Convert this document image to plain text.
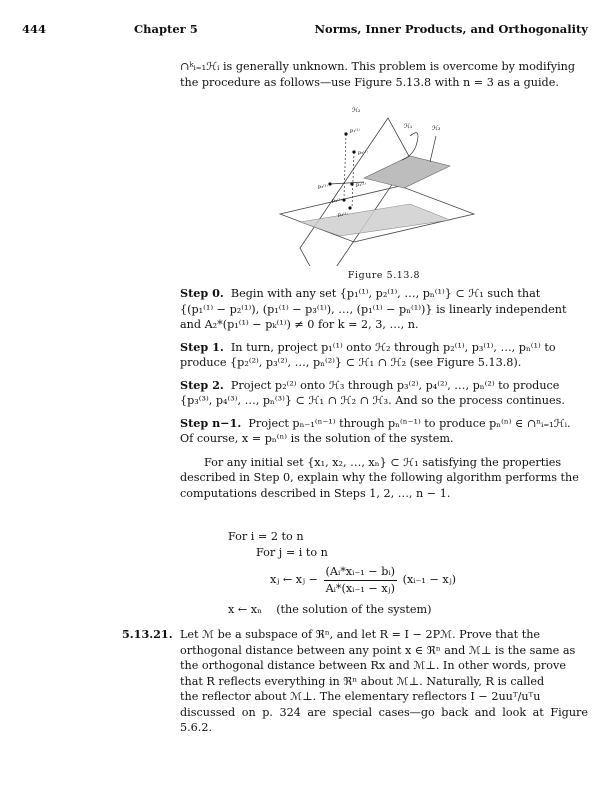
444	Chapter 5	Norms, Inner Products, and Orthogonality
∩ᵏᵢ₌₁ℋᵢ is generally unknown. This problem is overcome by modifying
the procedure as follows—use Figure 5.13.8 with n = 3 as a guide.
ℋ₂
ℋ₁	ℋ₃
p₁⁽¹⁾
p₂⁽¹⁾
p₃⁽¹⁾	p₁⁽²⁾
p₂⁽²⁾
p₃⁽³⁾
Figure 5.13.8
Step 0. Begin with any set {p₁⁽¹⁾, p₂⁽¹⁾, …, pₙ⁽¹⁾} ⊂ ℋ₁ such that
{(p₁⁽¹⁾ − p₂⁽¹⁾), (p₁⁽¹⁾ − p₃⁽¹⁾), …, (p₁⁽¹⁾ − pₙ⁽¹⁾)} is linearly independent
and A₂*(p₁⁽¹⁾ − pₖ⁽¹⁾) ≠ 0 for k = 2, 3, …, n.
Step 1. In turn, project p₁⁽¹⁾ onto ℋ₂ through p₂⁽¹⁾, p₃⁽¹⁾, …, pₙ⁽¹⁾ to
produce {p₂⁽²⁾, p₃⁽²⁾, …, pₙ⁽²⁾} ⊂ ℋ₁ ∩ ℋ₂ (see Figure 5.13.8).
Step 2. Project p₂⁽²⁾ onto ℋ₃ through p₃⁽²⁾, p₄⁽²⁾, …, pₙ⁽²⁾ to produce
{p₃⁽³⁾, p₄⁽³⁾, …, pₙ⁽³⁾} ⊂ ℋ₁ ∩ ℋ₂ ∩ ℋ₃. And so the process continues.
Step n−1. Project pₙ₋₁⁽ⁿ⁻¹⁾ through pₙ⁽ⁿ⁻¹⁾ to produce pₙ⁽ⁿ⁾ ∈ ∩ⁿᵢ₌₁ℋᵢ.
Of course, x = pₙ⁽ⁿ⁾ is the solution of the system.
For any initial set {x₁, x₂, …, xₙ} ⊂ ℋ₁ satisfying the properties
described in Step 0, explain why the following algorithm performs the
computations described in Steps 1, 2, …, n − 1.
For i = 2 to n
For j = i to n
xⱼ ← xⱼ − $\frac{\text{(Aᵢ*xᵢ₋₁ − bᵢ)}}{\text{Aᵢ*(xᵢ₋₁ − xⱼ)}}$ (xᵢ₋₁ − xⱼ)
x ← xₙ (the solution of the system)
5.13.21. Let ℳ be a subspace of ℜⁿ, and let R = I − 2Pℳ. Prove that the
orthogonal distance between any point x ∈ ℜⁿ and ℳ⊥ is the same as
the orthogonal distance between Rx and ℳ⊥. In other words, prove
that R reflects everything in ℜⁿ about ℳ⊥. Naturally, R is called
the reflector about ℳ⊥. The elementary reflectors I − 2uuᵀ/uᵀu
discussed on p. 324 are special cases—go back and look at Figure 5.6.2.
